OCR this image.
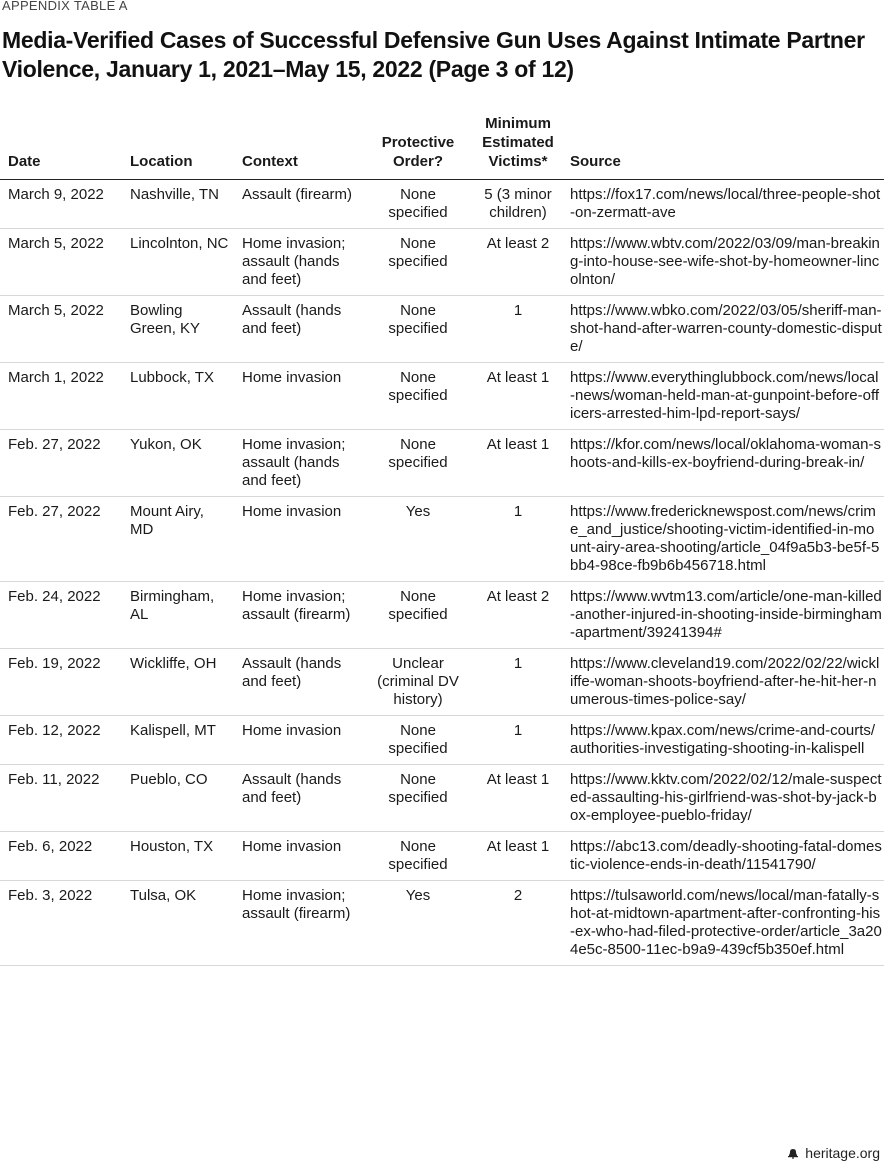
APPENDIX TABLE A
Media-Verified Cases of Successful Defensive Gun Uses Against Intimate Partner Violence, January 1, 2021–May 15, 2022 (Page 3 of 12)
Date	Location	Context	Protective Order?	Minimum Estimated Victims*	Source
March 9, 2022	Nashville, TN	Assault (firearm)	None specified	5 (3 minor children)	https://fox17.com/news/local/three-people-shot-on-zermatt-ave
March 5, 2022	Lincolnton, NC	Home invasion; assault (hands and feet)	None specified	At least 2	https://www.wbtv.com/2022/03/09/man-breaking-into-house-see-wife-shot-by-homeowner-lincolnton/
March 5, 2022	Bowling Green, KY	Assault (hands and feet)	None specified	1	https://www.wbko.com/2022/03/05/sheriff-man-shot-hand-after-warren-county-domestic-dispute/
March 1, 2022	Lubbock, TX	Home invasion	None specified	At least 1	https://www.everythinglubbock.com/news/local-news/woman-held-man-at-gunpoint-before-officers-arrested-him-lpd-report-says/
Feb. 27, 2022	Yukon, OK	Home invasion; assault (hands and feet)	None specified	At least 1	https://kfor.com/news/local/oklahoma-woman-shoots-and-kills-ex-boyfriend-during-break-in/
Feb. 27, 2022	Mount Airy, MD	Home invasion	Yes	1	https://www.fredericknewspost.com/news/crime_and_justice/shooting-victim-identified-in-mount-airy-area-shooting/article_04f9a5b3-be5f-5bb4-98ce-fb9b6b456718.html
Feb. 24, 2022	Birmingham, AL	Home invasion; assault (firearm)	None specified	At least 2	https://www.wvtm13.com/article/one-man-killed-another-injured-in-shooting-inside-birmingham-apartment/39241394#
Feb. 19, 2022	Wickliffe, OH	Assault (hands and feet)	Unclear (criminal DV history)	1	https://www.cleveland19.com/2022/02/22/wickliffe-woman-shoots-boyfriend-after-he-hit-her-numerous-times-police-say/
Feb. 12, 2022	Kalispell, MT	Home invasion	None specified	1	https://www.kpax.com/news/crime-and-courts/authorities-investigating-shooting-in-kalispell
Feb. 11, 2022	Pueblo, CO	Assault (hands and feet)	None specified	At least 1	https://www.kktv.com/2022/02/12/male-suspected-assaulting-his-girlfriend-was-shot-by-jack-box-employee-pueblo-friday/
Feb. 6, 2022	Houston, TX	Home invasion	None specified	At least 1	https://abc13.com/deadly-shooting-fatal-domestic-violence-ends-in-death/11541790/
Feb. 3, 2022	Tulsa, OK	Home invasion; assault (firearm)	Yes	2	https://tulsaworld.com/news/local/man-fatally-shot-at-midtown-apartment-after-confronting-his-ex-who-had-filed-protective-order/article_3a204e5c-8500-11ec-b9a9-439cf5b350ef.html
heritage.org
